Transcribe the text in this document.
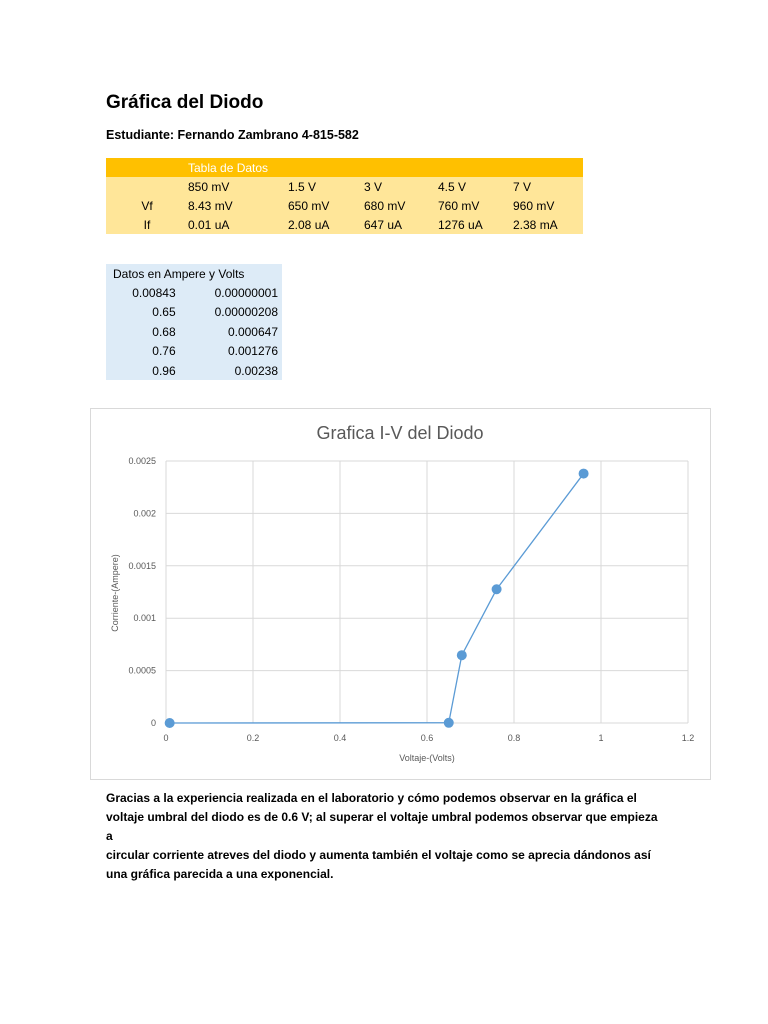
Gráfica del Diodo
Estudiante: Fernando Zambrano 4-815-582
	Tabla de Datos				
	850 mV	1.5 V	3 V	4.5 V	7 V
Vf	8.43 mV	650 mV	680 mV	760 mV	960 mV
If	0.01 uA	2.08 uA	647 uA	1276 uA	2.38 mA
Datos en Ampere y Volts	
0.00843	0.00000001
0.65	0.00000208
0.68	0.000647
0.76	0.001276
0.96	0.00238
Grafica I-V del Diodo
0
0.0005
0.001
0.0015
0.002
0.0025
0	0.2	0.4	0.6	0.8	1	1.2
Voltaje-(Volts)
Corriente-(Ampere)
Gracias a la experiencia realizada en el laboratorio y cómo podemos observar en la gráfica el
voltaje umbral del diodo es de 0.6 V; al superar el voltaje umbral podemos observar que empieza a
circular corriente atreves del diodo y aumenta también el voltaje como se aprecia dándonos así
una gráfica parecida a una exponencial.
